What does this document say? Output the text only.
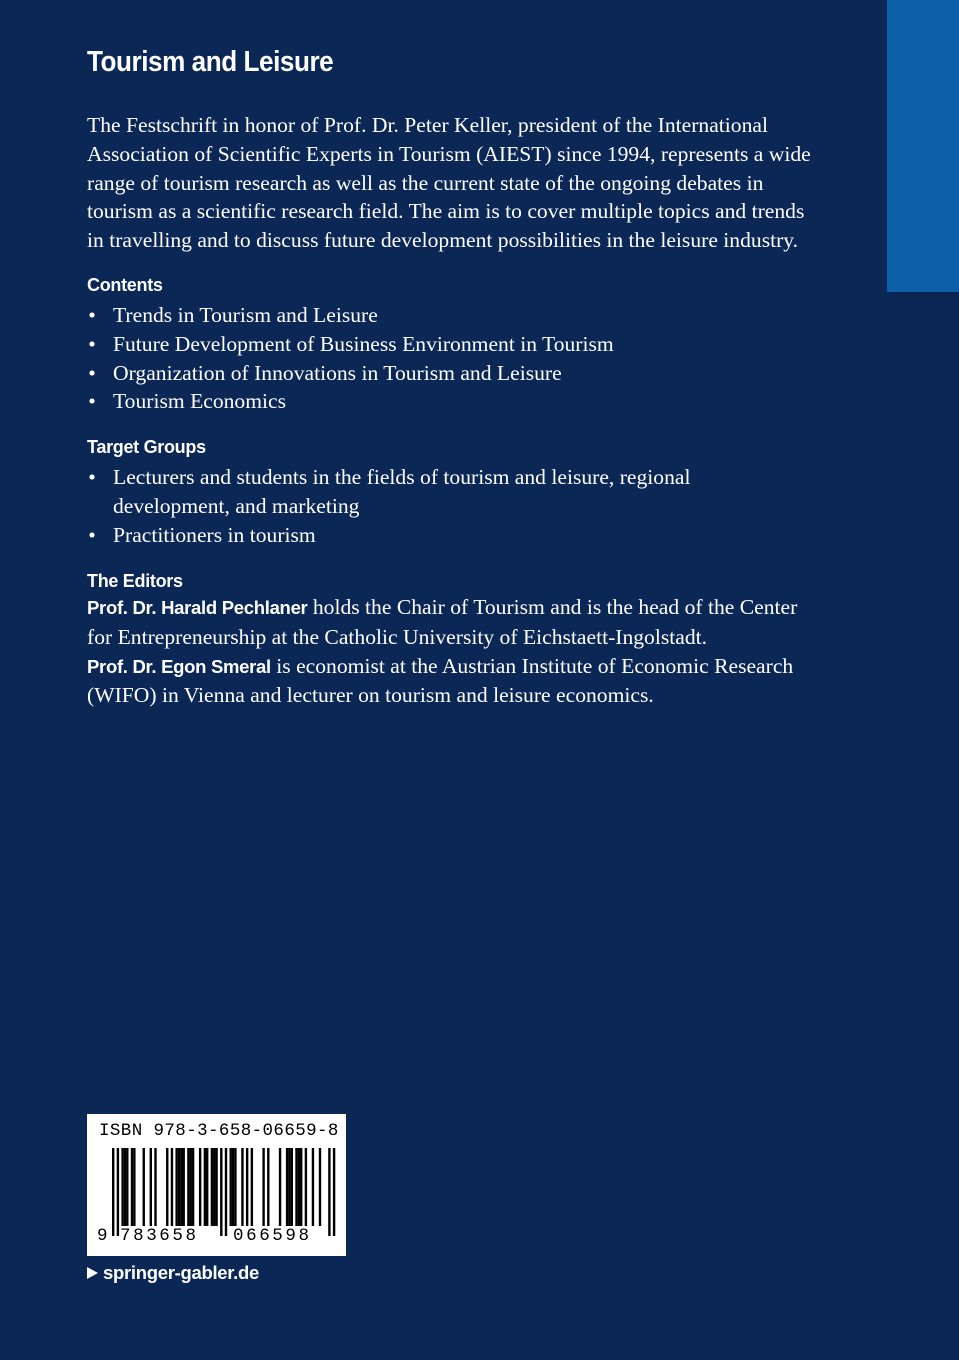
Tourism and Leisure

The Festschrift in honor of Prof. Dr. Peter Keller, president of the International Association of Scientific Experts in Tourism (AIEST) since 1994, represents a wide range of tourism research as well as the current state of the ongoing debates in tourism as a scientific research field. The aim is to cover multiple topics and trends in travelling and to discuss future development possibilities in the leisure industry.

Contents
• Trends in Tourism and Leisure
• Future Development of Business Environment in Tourism
• Organization of Innovations in Tourism and Leisure
• Tourism Economics
Target Groups
• Lecturers and students in the fields of tourism and leisure, regional development, and marketing
• Practitioners in tourism
The Editors

Prof. Dr. Harald Pechlaner holds the Chair of Tourism and is the head of the Center for Entrepreneurship at the Catholic University of Eichstaett-Ingolstadt.

Prof. Dr. Egon Smeral is economist at the Austrian Institute of Economic Research (WIFO) in Vienna and lecturer on tourism and leisure economics.

ISBN 978-3-658-06659-8
9 783658 066598
springer-gabler.de
